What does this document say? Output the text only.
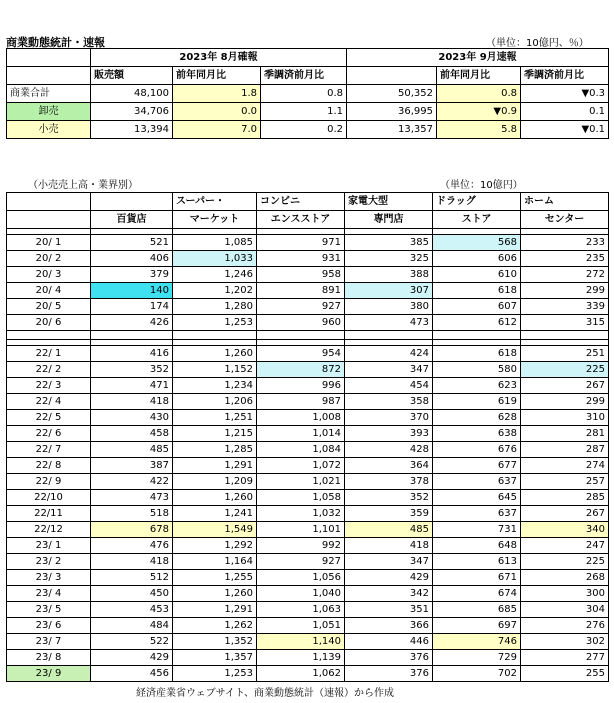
商業動態統計・速報	（単位：10億円、％）
	2023年 8月確報			2023年 9月速報		
	販売額	前年同月比	季調済前月比		前年同月比	季調済前月比
商業合計	48,100	1.8	0.8	50,352	0.8	▼0.3
卸売	34,706	0.0	1.1	36,995	▼0.9	0.1
小売	13,394	7.0	0.2	13,357	5.8	▼0.1
（小売売上高・業界別）	（単位：10億円）
		スーパー・	コンビニ	家電大型	ドラッグ	ホーム
	百貨店	マーケット	エンスストア	専門店	ストア	センター

20/ 1	521	1,085	971	385	568	233
20/ 2	406	1,033	931	325	606	235
20/ 3	379	1,246	958	388	610	272
20/ 4	140	1,202	891	307	618	299
20/ 5	174	1,280	927	380	607	339
20/ 6	426	1,253	960	473	612	315

22/ 1	416	1,260	954	424	618	251
22/ 2	352	1,152	872	347	580	225
22/ 3	471	1,234	996	454	623	267
22/ 4	418	1,206	987	358	619	299
22/ 5	430	1,251	1,008	370	628	310
22/ 6	458	1,215	1,014	393	638	281
22/ 7	485	1,285	1,084	428	676	287
22/ 8	387	1,291	1,072	364	677	274
22/ 9	422	1,209	1,021	378	637	257
22/10	473	1,260	1,058	352	645	285
22/11	518	1,241	1,032	359	637	267
22/12	678	1,549	1,101	485	731	340
23/ 1	476	1,292	992	418	648	247
23/ 2	418	1,164	927	347	613	225
23/ 3	512	1,255	1,056	429	671	268
23/ 4	450	1,260	1,040	342	674	300
23/ 5	453	1,291	1,063	351	685	304
23/ 6	484	1,262	1,051	366	697	276
23/ 7	522	1,352	1,140	446	746	302
23/ 8	429	1,357	1,139	376	729	277
23/ 9	456	1,253	1,062	376	702	255
経済産業省ウェブサイト、商業動態統計（速報）から作成
